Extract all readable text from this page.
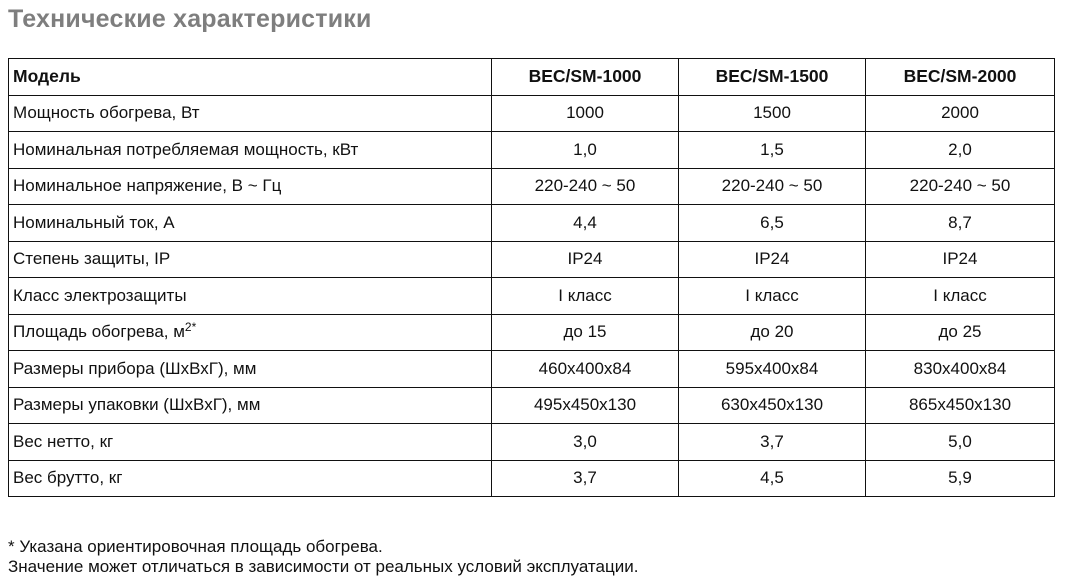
Технические характеристики
Модель	BEC/SM-1000	BEC/SM-1500	BEC/SM-2000
Мощность обогрева, Вт	1000	1500	2000
Номинальная потребляемая мощность, кВт	1,0	1,5	2,0
Номинальное напряжение, В ~ Гц	220-240 ~ 50	220-240 ~ 50	220-240 ~ 50
Номинальный ток, А	4,4	6,5	8,7
Степень защиты, IP	IP24	IP24	IP24
Класс электрозащиты	I класс	I класс	I класс
Площадь обогрева, $м^{2*}$	до 15	до 20	до 25
Размеры прибора (ШхВхГ), мм	460x400x84	595x400x84	830x400x84
Размеры упаковки (ШхВхГ), мм	495x450x130	630x450x130	865x450x130
Вес нетто, кг	3,0	3,7	5,0
Вес брутто, кг	3,7	4,5	5,9
* Указана ориентировочная площадь обогрева.
Значение может отличаться в зависимости от реальных условий эксплуатации.
